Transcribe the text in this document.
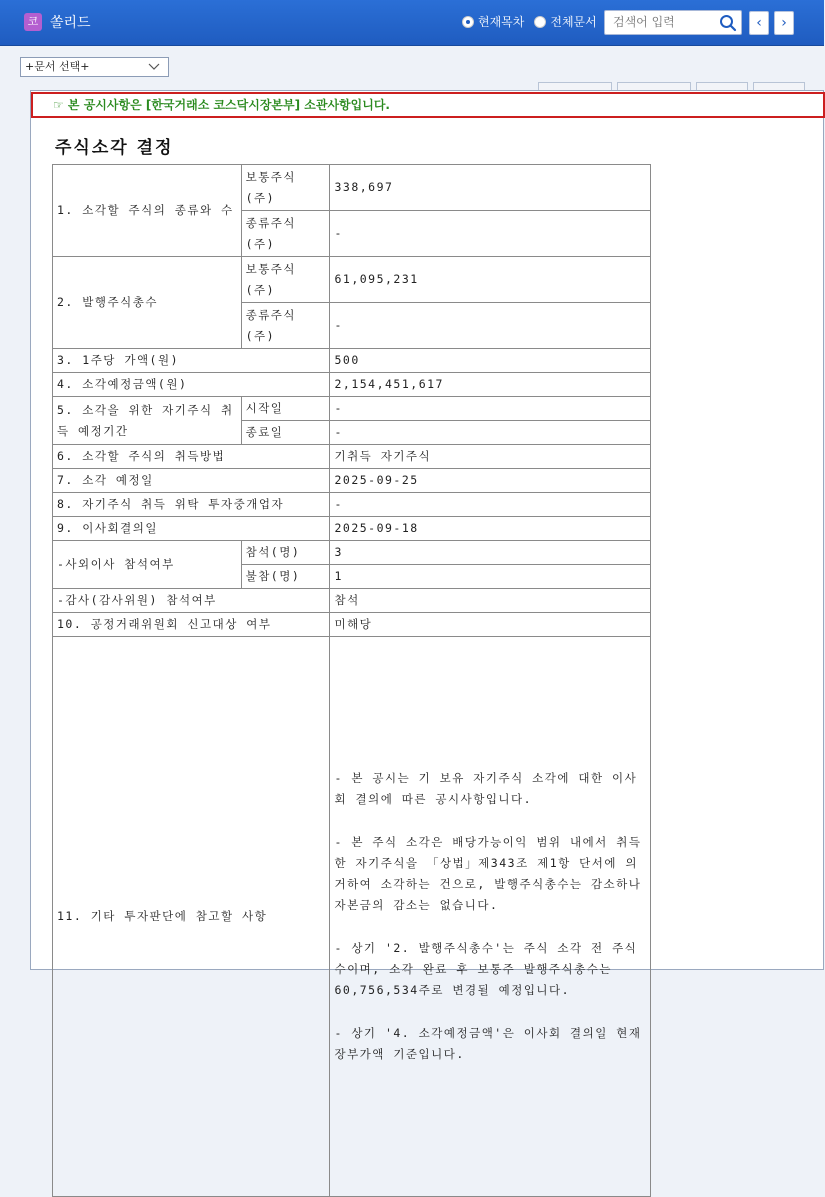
코 쏠리드	현재목차 전체문서
검색어 입력	‹	›
+문서 선택+
☞ 본 공시사항은 [한국거래소 코스닥시장본부] 소관사항입니다.
주식소각 결정
1. 소각할 주식의 종류와 수	보통주식 (주)	338,697
	종류주식 (주)	-
2. 발행주식총수	보통주식 (주)	61,095,231
	종류주식 (주)	-
3. 1주당 가액(원)		500
4. 소각예정금액(원)		2,154,451,617
5. 소각을 위한 자기주식 취득 예정기간	시작일	-
	종료일	-
6. 소각할 주식의 취득방법		기취득 자기주식
7. 소각 예정일		2025-09-25
8. 자기주식 취득 위탁 투자중개업자		-
9. 이사회결의일		2025-09-18
-사외이사 참석여부	참석(명)	3
	불참(명)	1
-감사(감사위원) 참석여부		참석
10. 공정거래위원회 신고대상 여부		미해당
11. 기타 투자판단에 참고할 사항		- 본 공시는 기 보유 자기주식 소각에 대한 이사회 결의에 따른 공시사항입니다.

- 본 주식 소각은 배당가능이익 범위 내에서 취득한 자기주식을 「상법」제343조 제1항 단서에 의거하여 소각하는 건으로, 발행주식총수는 감소하나 자본금의 감소는 없습니다.

- 상기 '2. 발행주식총수'는 주식 소각 전 주식수이며, 소각 완료 후 보통주 발행주식총수는 60,756,534주로 변경될 예정입니다.

- 상기 '4. 소각예정금액'은 이사회 결의일 현재 장부가액 기준입니다.
